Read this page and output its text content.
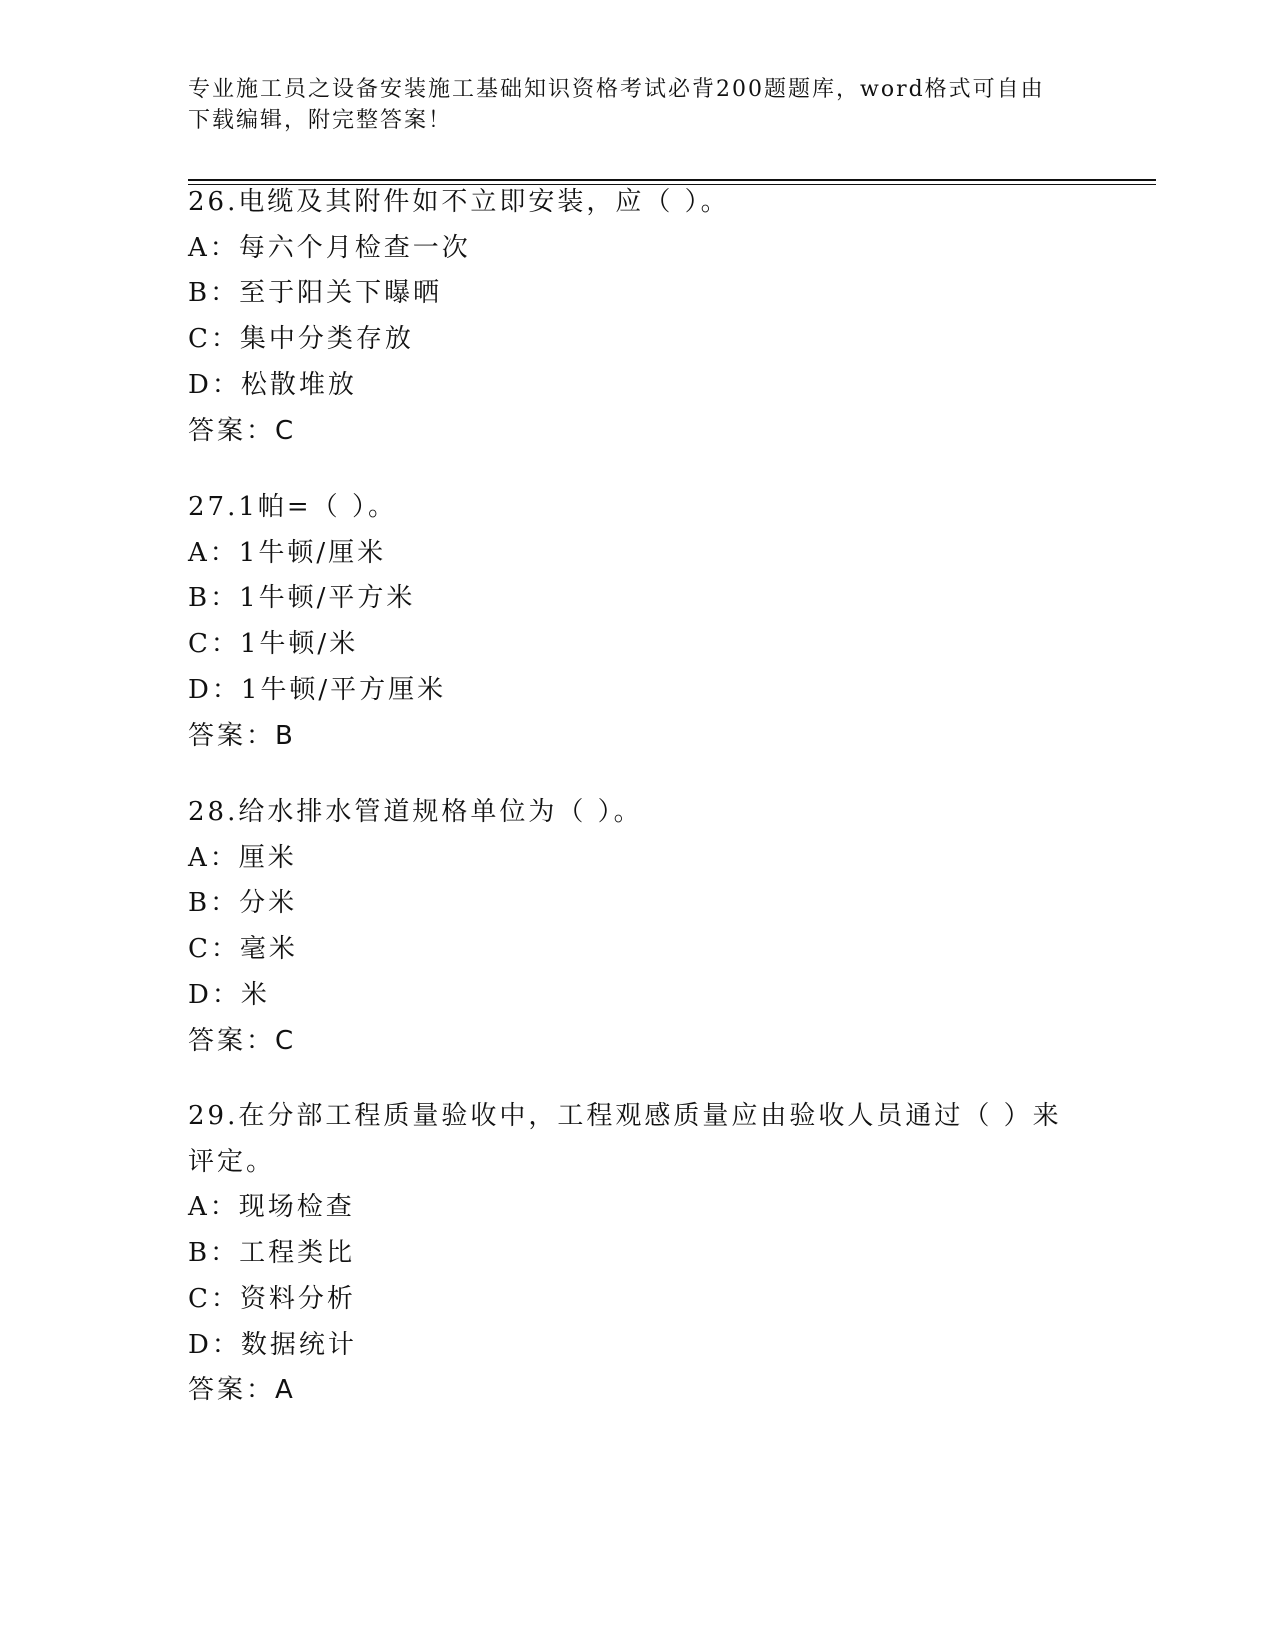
专业施工员之设备安装施工基础知识资格考试必背200题题库，word格式可自由
下载编辑，附完整答案！
26.电缆及其附件如不立即安装，应（ ）。
A：每六个月检查一次
B：至于阳关下曝晒
C：集中分类存放
D：松散堆放
答案：C
27.1帕=（ ）。
A：1牛顿/厘米
B：1牛顿/平方米
C：1牛顿/米
D：1牛顿/平方厘米
答案：B
28.给水排水管道规格单位为（ ）。
A：厘米
B：分米
C：毫米
D：米
答案：C
29.在分部工程质量验收中，工程观感质量应由验收人员通过（ ）来
评定。
A：现场检查
B：工程类比
C：资料分析
D：数据统计
答案：A
